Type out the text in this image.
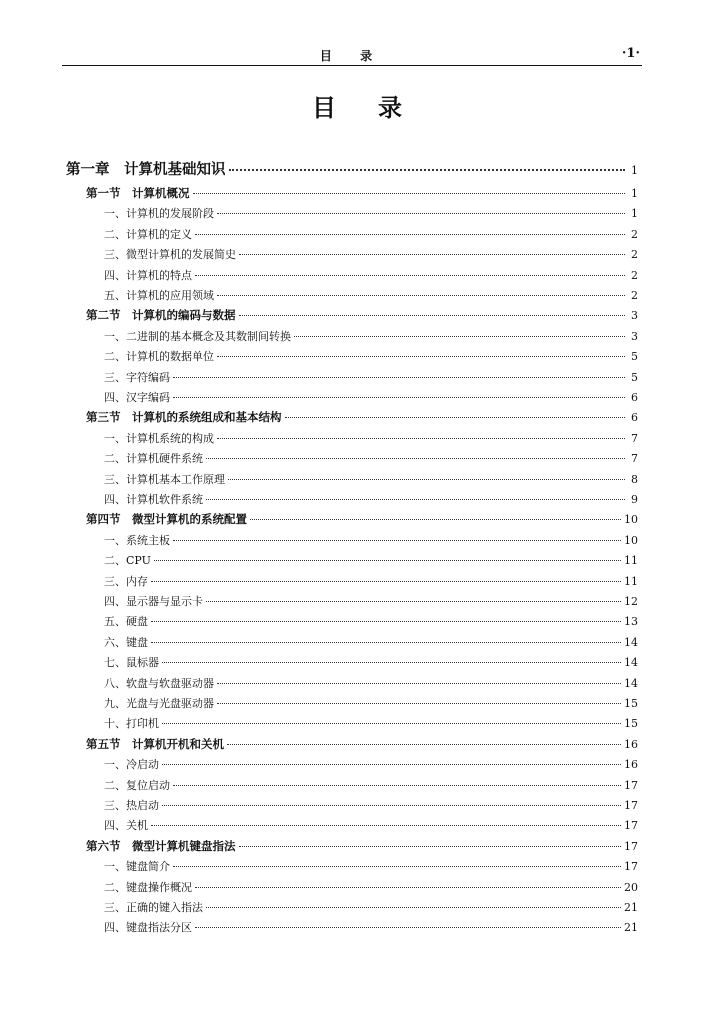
目 录	·1·
目录
第一章　计算机基础知识	1
第一节　计算机概况	1
一、计算机的发展阶段	1
二、计算机的定义	2
三、微型计算机的发展简史	2
四、计算机的特点	2
五、计算机的应用领域	2
第二节　计算机的编码与数据	3
一、二进制的基本概念及其数制间转换	3
二、计算机的数据单位	5
三、字符编码	5
四、汉字编码	6
第三节　计算机的系统组成和基本结构	6
一、计算机系统的构成	7
二、计算机硬件系统	7
三、计算机基本工作原理	8
四、计算机软件系统	9
第四节　微型计算机的系统配置	10
一、系统主板	10
二、CPU	11
三、内存	11
四、显示器与显示卡	12
五、硬盘	13
六、键盘	14
七、鼠标器	14
八、软盘与软盘驱动器	14
九、光盘与光盘驱动器	15
十、打印机	15
第五节　计算机开机和关机	16
一、冷启动	16
二、复位启动	17
三、热启动	17
四、关机	17
第六节　微型计算机键盘指法	17
一、键盘简介	17
二、键盘操作概况	20
三、正确的键入指法	21
四、键盘指法分区	21
